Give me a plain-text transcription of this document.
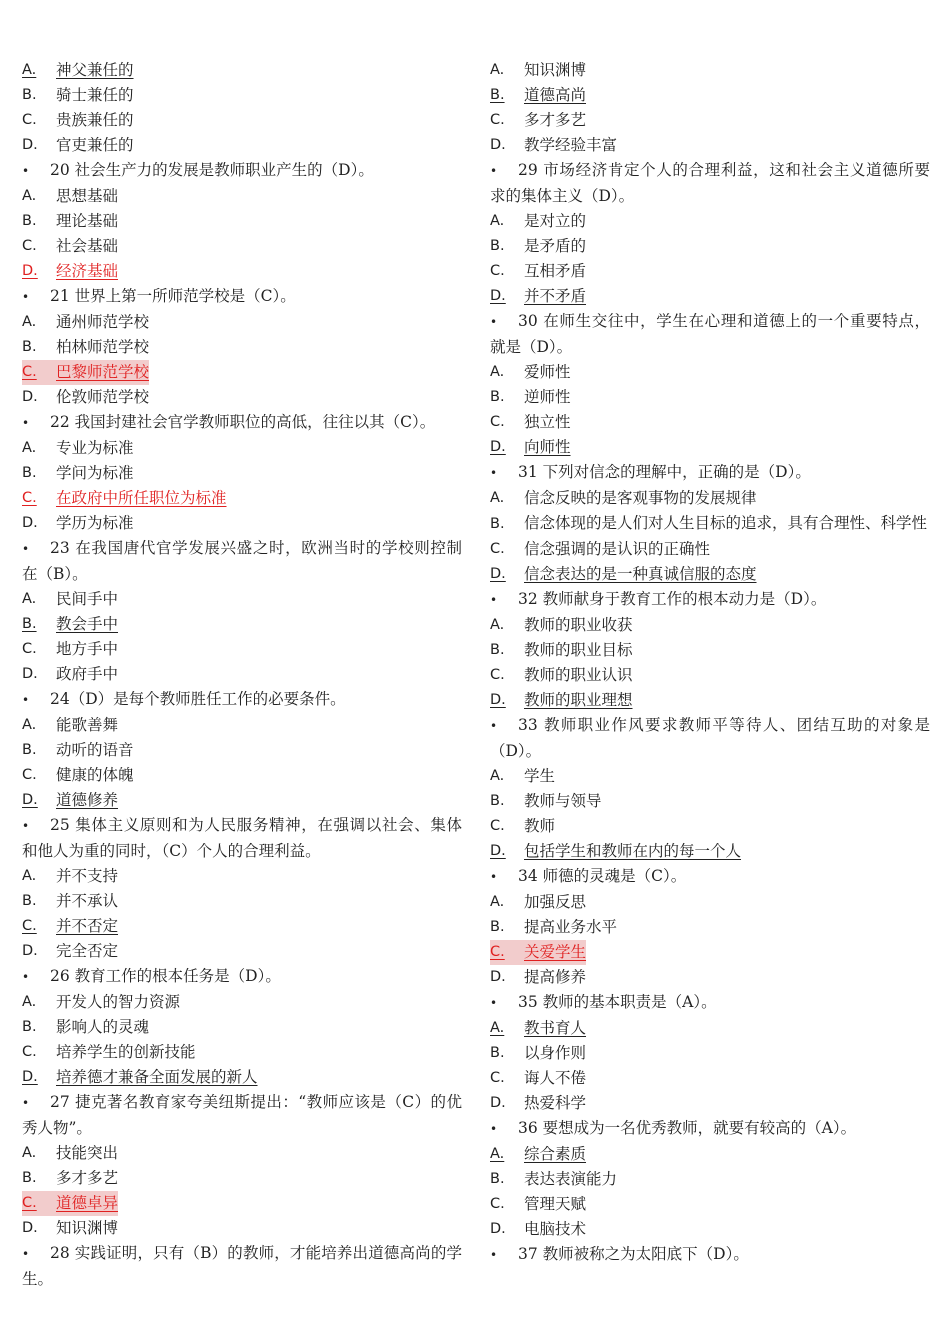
A.	神父兼任的
B.	骑士兼任的
C.	贵族兼任的
D.	官吏兼任的
• 20 社会生产力的发展是教师职业产生的（D）。
A.	思想基础
B.	理论基础
C.	社会基础
D.	经济基础
• 21 世界上第一所师范学校是（C）。
A.	通州师范学校
B.	柏林师范学校
C.	巴黎师范学校
D.	伦敦师范学校
• 22 我国封建社会官学教师职位的高低，往往以其（C）。
A.	专业为标准
B.	学问为标准
C.	在政府中所任职位为标准
D.	学历为标准
• 23 在我国唐代官学发展兴盛之时，欧洲当时的学校则控制在（B）。
A.	民间手中
B.	教会手中
C.	地方手中
D.	政府手中
• 24（D）是每个教师胜任工作的必要条件。
A.	能歌善舞
B.	动听的语音
C.	健康的体魄
D.	道德修养
• 25 集体主义原则和为人民服务精神，在强调以社会、集体和他人为重的同时，（C）个人的合理利益。
A.	并不支持
B.	并不承认
C.	并不否定
D.	完全否定
• 26 教育工作的根本任务是（D）。
A.	开发人的智力资源
B.	影响人的灵魂
C.	培养学生的创新技能
D.	培养德才兼备全面发展的新人
• 27 捷克著名教育家夸美纽斯提出：“教师应该是（C）的优秀人物”。
A.	技能突出
B.	多才多艺
C.	道德卓异
D.	知识渊博
• 28 实践证明，只有（B）的教师，才能培养出道德高尚的学生。
A.	知识渊博
B.	道德高尚
C.	多才多艺
D.	教学经验丰富
• 29 市场经济肯定个人的合理利益，这和社会主义道德所要求的集体主义（D）。
A.	是对立的
B.	是矛盾的
C.	互相矛盾
D.	并不矛盾
• 30 在师生交往中，学生在心理和道德上的一个重要特点，就是（D）。
A.	爱师性
B.	逆师性
C.	独立性
D.	向师性
• 31 下列对信念的理解中，正确的是（D）。
A.	信念反映的是客观事物的发展规律
B. 信念体现的是人们对人生目标的追求，具有合理性、科学性
C.	信念强调的是认识的正确性
D.	信念表达的是一种真诚信服的态度
• 32 教师献身于教育工作的根本动力是（D）。
A.	教师的职业收获
B.	教师的职业目标
C.	教师的职业认识
D.	教师的职业理想
• 33 教师职业作风要求教师平等待人、团结互助的对象是（D）。
A.	学生
B.	教师与领导
C.	教师
D.	包括学生和教师在内的每一个人
• 34 师德的灵魂是（C）。
A.	加强反思
B.	提高业务水平
C.	关爱学生
D.	提高修养
• 35 教师的基本职责是（A）。
A.	教书育人
B.	以身作则
C.	诲人不倦
D.	热爱科学
• 36 要想成为一名优秀教师，就要有较高的（A）。
A.	综合素质
B.	表达表演能力
C.	管理天赋
D.	电脑技术
• 37 教师被称之为太阳底下（D）。
